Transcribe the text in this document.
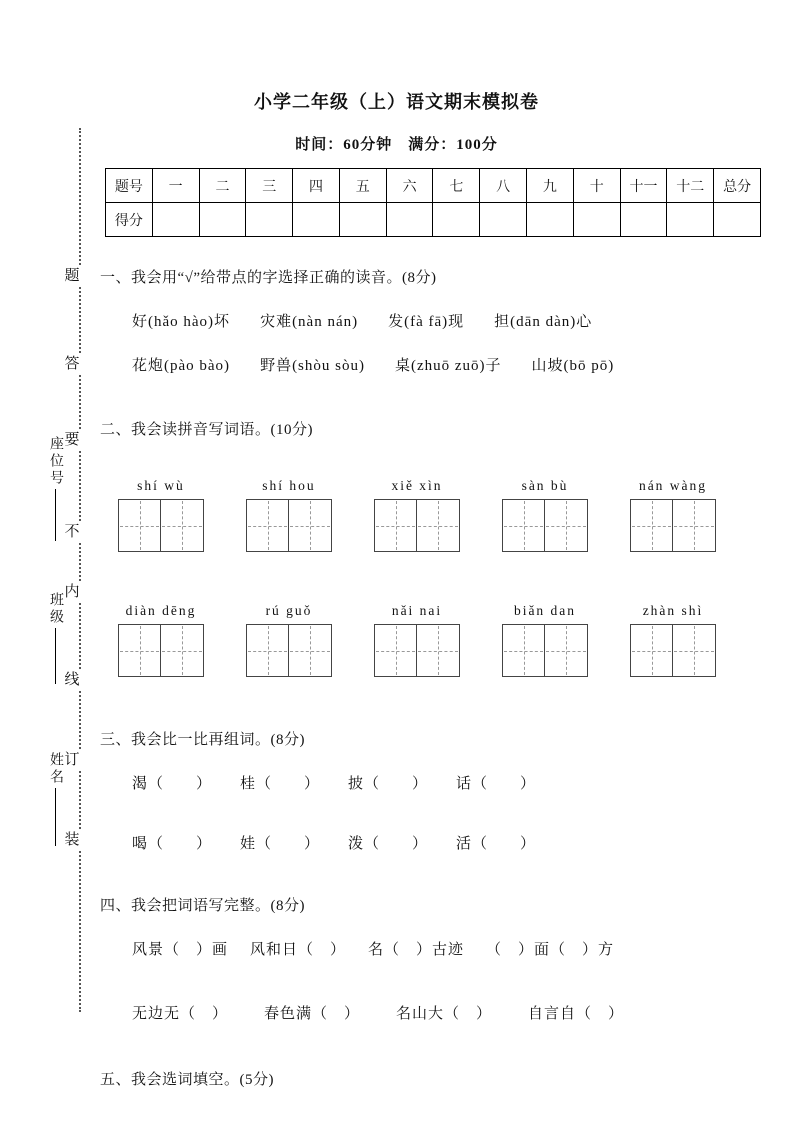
小学二年级（上）语文期末模拟卷
时间：60分钟　满分：100分
题号	一	二	三	四	五	六	七	八	九	十	十一	十二	总分
得分													
题
答
要
不
内
线
订
装
座位号
班级
姓名
一、我会用“√”给带点的字选择正确的读音。(8分)
好(hǎo hào)坏 灾难(nàn nán) 发(fà fā)现 担(dān dàn)心
花炮(pào bào) 野兽(shòu sòu) 桌(zhuō zuō)子 山坡(bō pō)
二、我会读拼音写词语。(10分)
shí wù	shí hou	xiě xìn	sàn bù	nán wàng
diàn dēng	rú guǒ	nǎi nai	biǎn dan	zhàn shì
三、我会比一比再组词。(8分)
渴（　　） 桂（　　） 披（　　） 话（　　）
喝（　　） 娃（　　） 泼（　　） 活（　　）
四、我会把词语写完整。(8分)
风景（　）画 风和日（　） 名（　）古迹 （　）面（　）方
无边无（　） 春色满（　） 名山大（　） 自言自（　）
五、我会选词填空。(5分)
